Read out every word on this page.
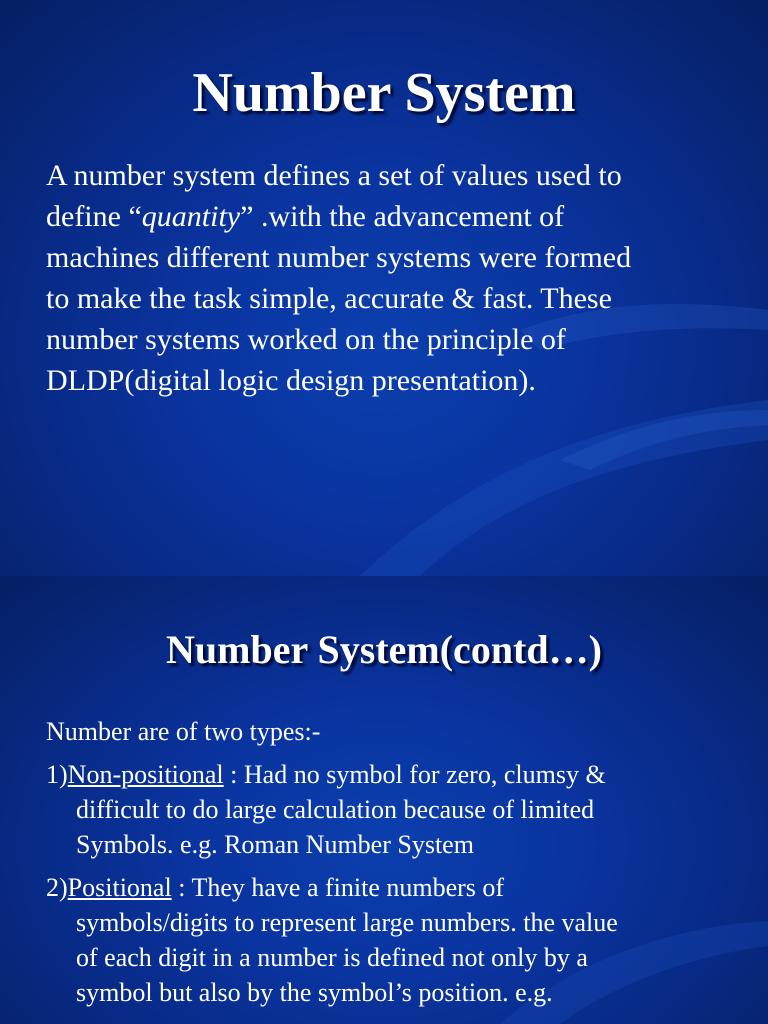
Number System

A number system defines a set of values used to
define “quantity” .with the advancement of
machines different number systems were formed
to make the task simple, accurate & fast. These
number systems worked on the principle of
DLDP(digital logic design presentation).

Number System(contd…)
Number are of two types:-
1)Non-positional : Had no symbol for zero, clumsy &
difficult to do large calculation because of limited
Symbols. e.g. Roman Number System
2)Positional : They have a finite numbers of
symbols/digits to represent large numbers. the value
of each digit in a number is defined not only by a
symbol but also by the symbol’s position. e.g.
